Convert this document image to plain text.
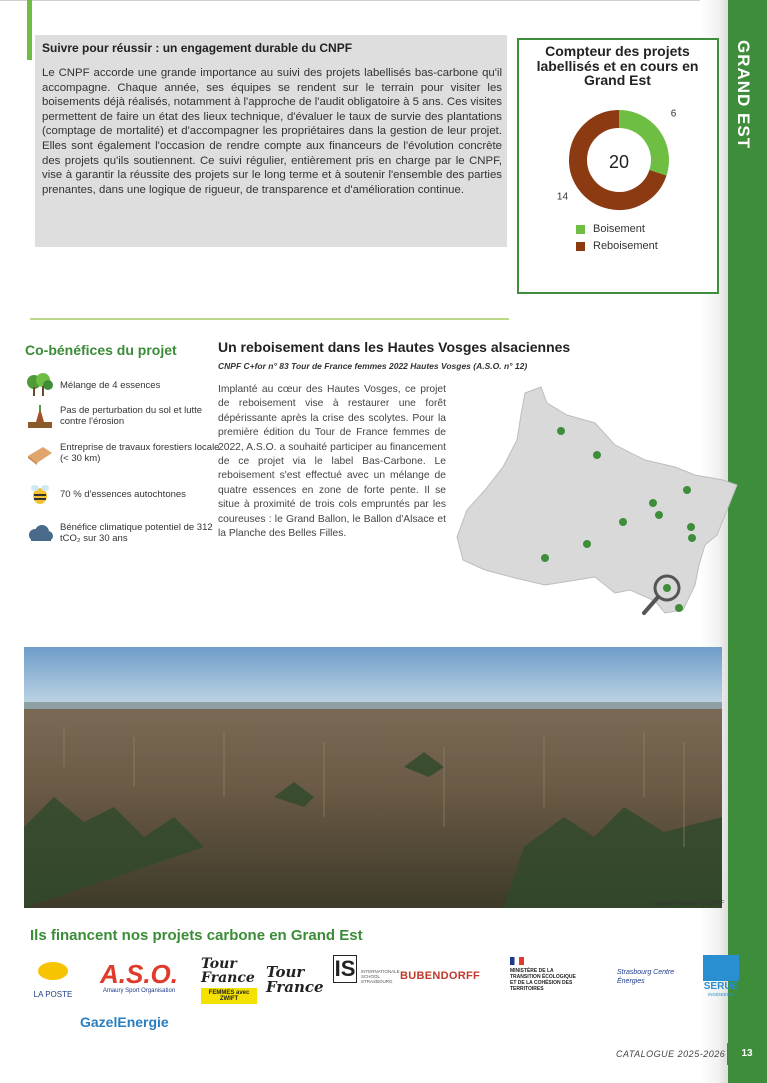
GRAND EST
Suivre pour réussir : un engagement durable du CNPF

Le CNPF accorde une grande importance au suivi des projets labellisés bas-carbone qu'il accompagne. Chaque année, ses équipes se rendent sur le terrain pour visiter les boisements déjà réalisés, notamment à l'approche de l'audit obligatoire à 5 ans. Ces visites permettent de faire un état des lieux technique, d'évaluer le taux de survie des plantations (comptage de mortalité) et d'accompagner les propriétaires dans la gestion de leur projet. Elles sont également l'occasion de rendre compte aux financeurs de l'évolution concrète des projets qu'ils soutiennent. Ce suivi régulier, entièrement pris en charge par le CNPF, vise à garantir la réussite des projets sur le long terme et à soutenir l'ensemble des parties prenantes, dans une logique de rigueur, de transparence et d'amélioration continue.

Compteur des projets labellisés et en cours en Grand Est
20
6
14
Boisement
Reboisement
Co-bénéfices du projet
Mélange de 4 essences
Pas de perturbation du sol et lutte contre l'érosion
Entreprise de travaux forestiers locale (< 30 km)
70 % d'essences autochtones
Bénéfice climatique potentiel de 312 tCO₂ sur 30 ans
Un reboisement dans les Hautes Vosges alsaciennes
CNPF C+for n° 83 Tour de France femmes 2022 Hautes Vosges (A.S.O. n° 12)
Implanté au cœur des Hautes Vosges, ce projet de reboisement vise à restaurer une forêt dépérissante après la crise des scolytes. Pour la première édition du Tour de France femmes de 2022, A.S.O. a souhaité participer au financement de ce projet via le label Bas-Carbone. Le reboisement s'est effectué avec un mélange de quatre essences en zone de forte pente. Il se situe à proximité de trois cols empruntés par les coureuses : le Grand Ballon, le Ballon d'Alsace et la Planche des Belles Filles.
Sylvain Gaudin © CNPF
Ils financent nos projets carbone en Grand Est
LA POSTE
A.S.O.
Amaury Sport Organisation
Tour
France
FEMMES avec ZWIFT
Tour
France
IS	INTERNATIONALE SCHOOL STRASBOURG BUBENDORFF	MINISTÈRE DE LA TRANSITION ÉCOLOGIQUE ET DE LA COHÉSION DES TERRITOIRES
Strasbourg Centre Énergies	SERUE
INGÉNIERIE
GazelEnergie
CATALOGUE 2025-2026	13
